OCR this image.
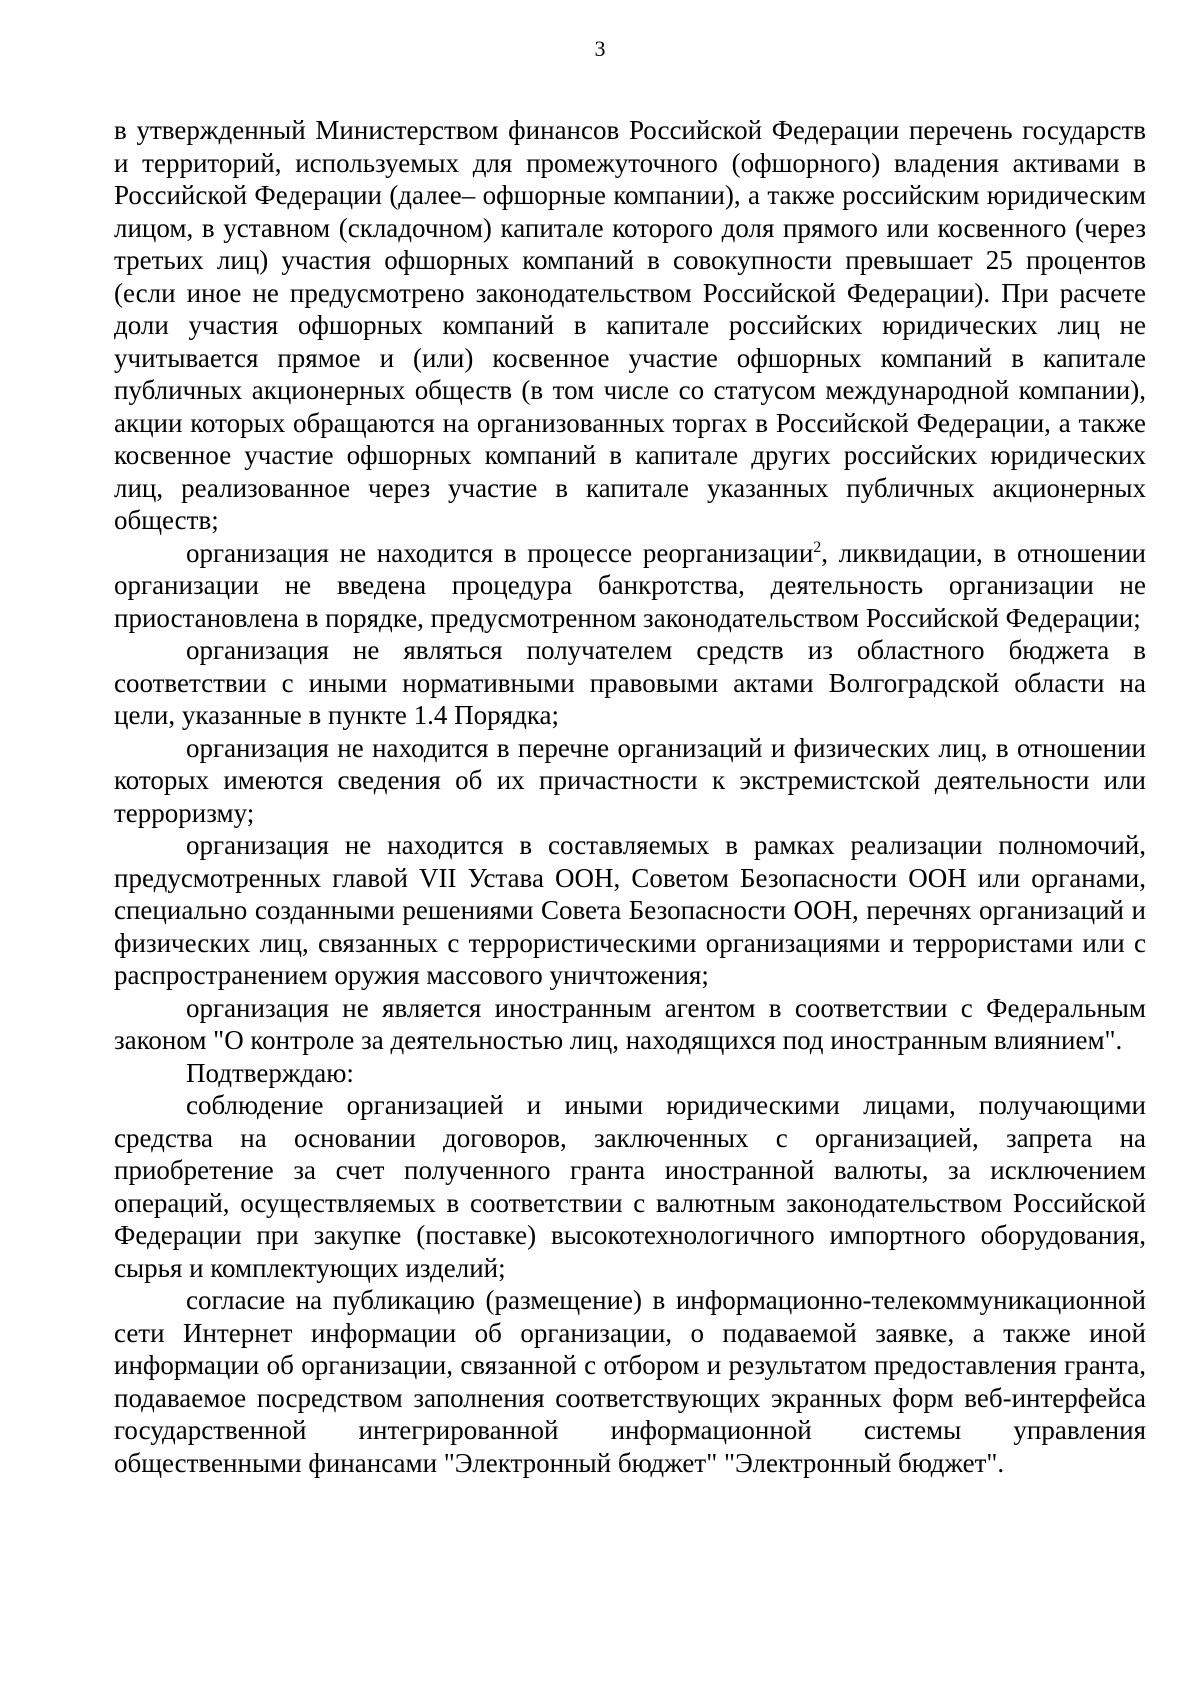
3

в утвержденный Министерством финансов Российской Федерации перечень государств и территорий, используемых для промежуточного (офшорного) владения активами в Российской Федерации (далее– офшорные компании), а также российским юридическим лицом, в уставном (складочном) капитале которого доля прямого или косвенного (через третьих лиц) участия офшорных компаний в совокупности превышает 25 процентов (если иное не предусмотрено законодательством Российской Федерации). При расчете доли участия офшорных компаний в капитале российских юридических лиц не учитывается прямое и (или) косвенное участие офшорных компаний в капитале публичных акционерных обществ (в том числе со статусом международной компании), акции которых обращаются на организованных торгах в Российской Федерации, а также косвенное участие офшорных компаний в капитале других российских юридических лиц, реализованное через участие в капитале указанных публичных акционерных обществ;

организация не находится в процессе реорганизации$^2$, ликвидации, в отношении организации не введена процедура банкротства, деятельность организации не приостановлена в порядке, предусмотренном законодательством Российской Федерации;

организация не являться получателем средств из областного бюджета в соответствии с иными нормативными правовыми актами Волгоградской области на цели, указанные в пункте 1.4 Порядка;

организация не находится в перечне организаций и физических лиц, в отношении которых имеются сведения об их причастности к экстремистской деятельности или терроризму;

организация не находится в составляемых в рамках реализации полномочий, предусмотренных главой VII Устава ООН, Советом Безопасности ООН или органами, специально созданными решениями Совета Безопасности ООН, перечнях организаций и физических лиц, связанных с террористическими организациями и террористами или с распространением оружия массового уничтожения;

организация не является иностранным агентом в соответствии с Федеральным законом "О контроле за деятельностью лиц, находящихся под иностранным влиянием".

Подтверждаю:

соблюдение организацией и иными юридическими лицами, получающими средства на основании договоров, заключенных с организацией, запрета на приобретение за счет полученного гранта иностранной валюты, за исключением операций, осуществляемых в соответствии с валютным законодательством Российской Федерации при закупке (поставке) высокотехнологичного импортного оборудования, сырья и комплектующих изделий;

согласие на публикацию (размещение) в информационно-телекоммуникационной сети Интернет информации об организации, о подаваемой заявке, а также иной информации об организации, связанной с отбором и результатом предоставления гранта, подаваемое посредством заполнения соответствующих экранных форм веб-интерфейса государственной интегрированной информационной системы управления общественными финансами "Электронный бюджет" "Электронный бюджет".
